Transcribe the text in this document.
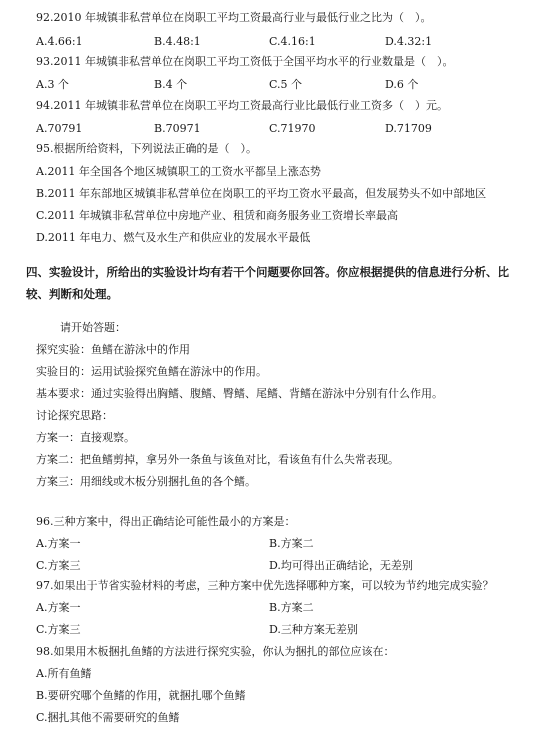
92.2010 年城镇非私营单位在岗职工平均工资最高行业与最低行业之比为（　）。
A.4.66:1	B.4.48:1	C.4.16:1	D.4.32:1
93.2011 年城镇非私营单位在岗职工平均工资低于全国平均水平的行业数量是（　）。
A.3 个	B.4 个	C.5 个	D.6 个
94.2011 年城镇非私营单位在岗职工平均工资最高行业比最低行业工资多（　）元。
A.70791	B.70971	C.71970	D.71709
95.根据所给资料，下列说法正确的是（　）。
A.2011 年全国各个地区城镇职工的工资水平都呈上涨态势
B.2011 年东部地区城镇非私营单位在岗职工的平均工资水平最高，但发展势头不如中部地区
C.2011 年城镇非私营单位中房地产业、租赁和商务服务业工资增长率最高
D.2011 年电力、燃气及水生产和供应业的发展水平最低
四、实验设计，所给出的实验设计均有若干个问题要你回答。你应根据提供的信息进行分析、比较、判断和处理。
请开始答题：
探究实验：鱼鳍在游泳中的作用
实验目的：运用试验探究鱼鳍在游泳中的作用。
基本要求：通过实验得出胸鳍、腹鳍、臀鳍、尾鳍、背鳍在游泳中分别有什么作用。
讨论探究思路：
方案一：直接观察。
方案二：把鱼鳍剪掉，拿另外一条鱼与该鱼对比，看该鱼有什么失常表现。
方案三：用细线或木板分别捆扎鱼的各个鳍。
96.三种方案中，得出正确结论可能性最小的方案是：
A.方案一	B.方案二
C.方案三	D.均可得出正确结论，无差别
97.如果出于节省实验材料的考虑，三种方案中优先选择哪种方案，可以较为节约地完成实验？
A.方案一	B.方案二
C.方案三	D.三种方案无差别
98.如果用木板捆扎鱼鳍的方法进行探究实验，你认为捆扎的部位应该在：
A.所有鱼鳍
B.要研究哪个鱼鳍的作用，就捆扎哪个鱼鳍
C.捆扎其他不需要研究的鱼鳍
